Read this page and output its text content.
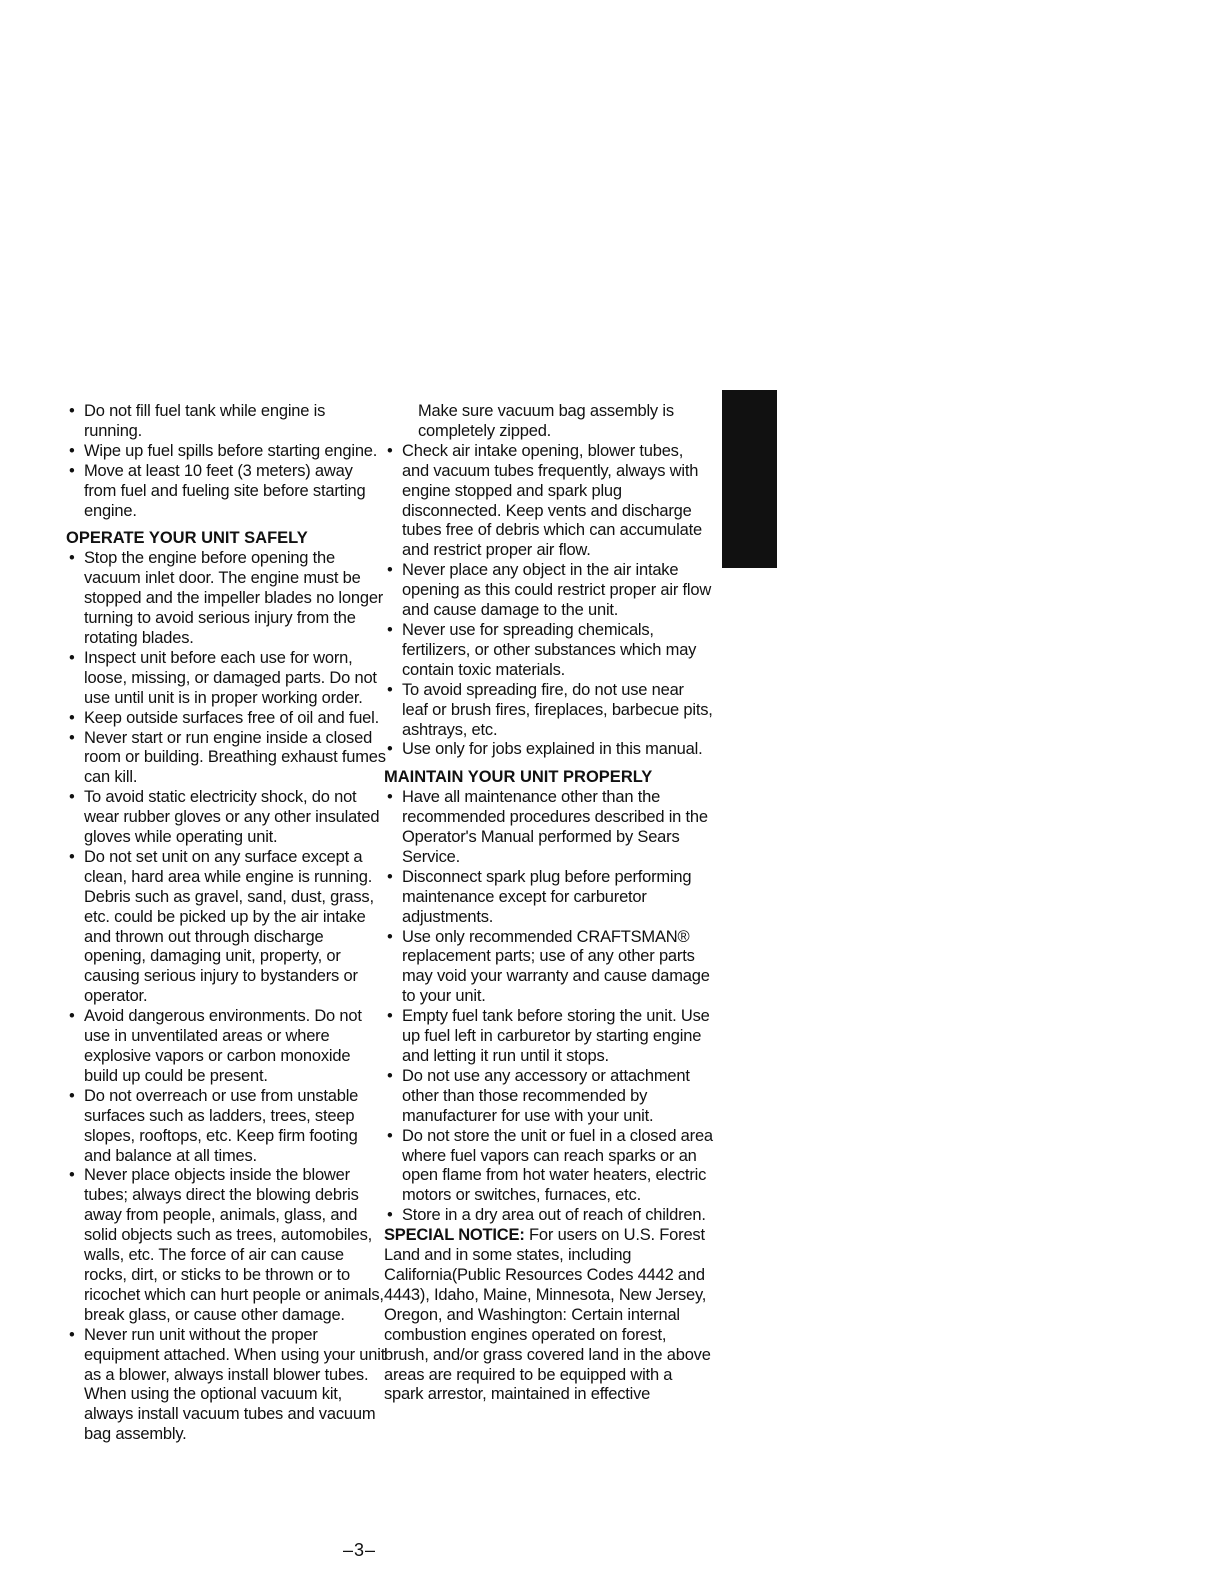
• Do not fill fuel tank while engine is running.
• Wipe up fuel spills before starting engine.
• Move at least 10 feet (3 meters) away from fuel and fueling site before starting engine.
OPERATE YOUR UNIT SAFELY
• Stop the engine before opening the vacuum inlet door. The engine must be stopped and the impeller blades no longer turning to avoid serious injury from the rotating blades.
• Inspect unit before each use for worn, loose, missing, or damaged parts. Do not use until unit is in proper working order.
• Keep outside surfaces free of oil and fuel.
• Never start or run engine inside a closed room or building. Breathing exhaust fumes can kill.
• To avoid static electricity shock, do not wear rubber gloves or any other insulated gloves while operating unit.
• Do not set unit on any surface except a clean, hard area while engine is running. Debris such as gravel, sand, dust, grass, etc. could be picked up by the air intake and thrown out through discharge opening, damaging unit, property, or causing serious injury to bystanders or operator.
• Avoid dangerous environments. Do not use in unventilated areas or where explosive vapors or carbon monoxide build up could be present.
• Do not overreach or use from unstable surfaces such as ladders, trees, steep slopes, rooftops, etc. Keep firm footing and balance at all times.
• Never place objects inside the blower tubes; always direct the blowing debris away from people, animals, glass, and solid objects such as trees, automobiles, walls, etc. The force of air can cause rocks, dirt, or sticks to be thrown or to ricochet which can hurt people or animals, break glass, or cause other damage.
• Never run unit without the proper equipment attached. When using your unit as a blower, always install blower tubes. When using the optional vacuum kit, always install vacuum tubes and vacuum bag assembly.

Make sure vacuum bag assembly is completely zipped.

• Check air intake opening, blower tubes, and vacuum tubes frequently, always with engine stopped and spark plug disconnected. Keep vents and discharge tubes free of debris which can accumulate and restrict proper air flow.
• Never place any object in the air intake opening as this could restrict proper air flow and cause damage to the unit.
• Never use for spreading chemicals, fertilizers, or other substances which may contain toxic materials.
• To avoid spreading fire, do not use near leaf or brush fires, fireplaces, barbecue pits, ashtrays, etc.
• Use only for jobs explained in this manual.
MAINTAIN YOUR UNIT PROPERLY
• Have all maintenance other than the recommended procedures described in the Operator's Manual performed by Sears Service.
• Disconnect spark plug before performing maintenance except for carburetor adjustments.
• Use only recommended CRAFTSMAN® replacement parts; use of any other parts may void your warranty and cause damage to your unit.
• Empty fuel tank before storing the unit. Use up fuel left in carburetor by starting engine and letting it run until it stops.
• Do not use any accessory or attachment other than those recommended by manufacturer for use with your unit.
• Do not store the unit or fuel in a closed area where fuel vapors can reach sparks or an open flame from hot water heaters, electric motors or switches, furnaces, etc.
• Store in a dry area out of reach of children.

SPECIAL NOTICE: For users on U.S. Forest Land and in some states, including California(Public Resources Codes 4442 and 4443), Idaho, Maine, Minnesota, New Jersey, Oregon, and Washington: Certain internal combustion engines operated on forest, brush, and/or grass covered land in the above areas are required to be equipped with a spark arrestor, maintained in effective

–3–
